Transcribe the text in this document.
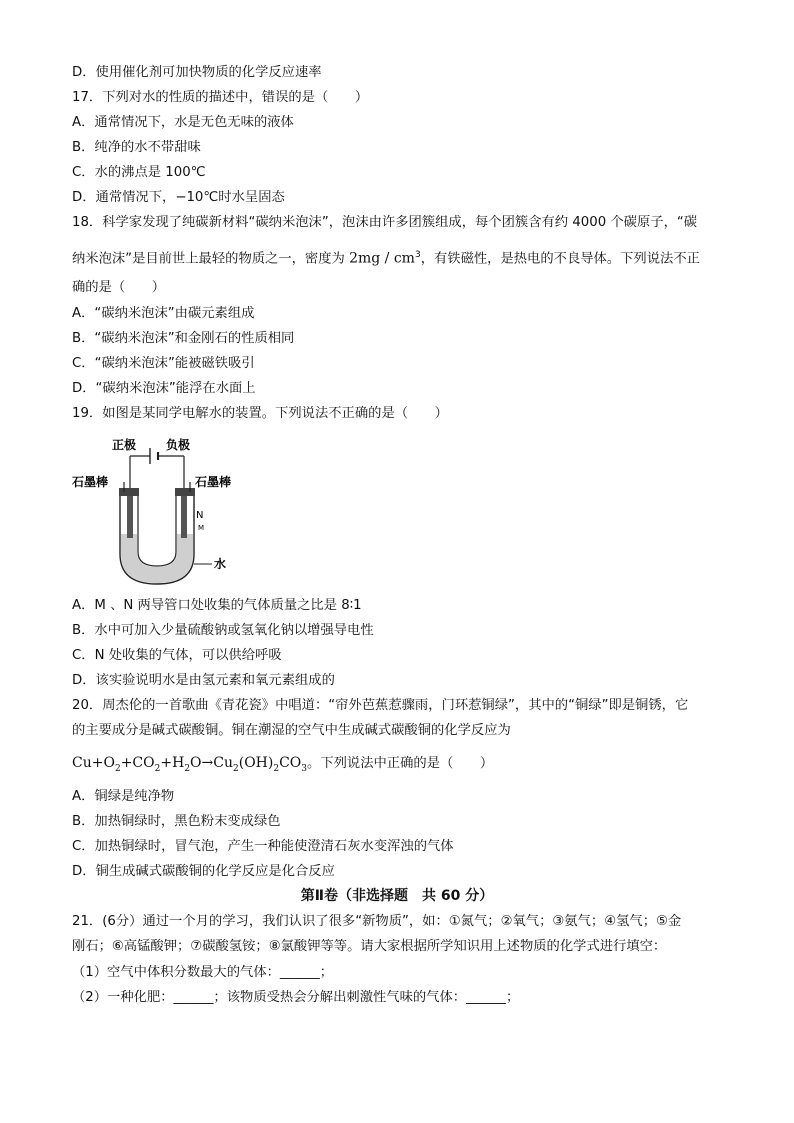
D．使用催化剂可加快物质的化学反应速率
17．下列对水的性质的描述中，错误的是（　　）
A．通常情况下，水是无色无味的液体
B．纯净的水不带甜味
C．水的沸点是 100℃
D．通常情况下，−10℃时水呈固态
18．科学家发现了纯碳新材料“碳纳米泡沫”，泡沫由许多团簇组成，每个团簇含有约 4000 个碳原子，“碳
纳米泡沫”是目前世上最轻的物质之一，密度为 $2mg / cm^3$，有铁磁性，是热电的不良导体。下列说法不正
确的是（　　）
A．“碳纳米泡沫”由碳元素组成
B．“碳纳米泡沫”和金刚石的性质相同
C．“碳纳米泡沫”能被磁铁吸引
D．“碳纳米泡沫”能浮在水面上
19．如图是某同学电解水的装置。下列说法不正确的是（　　）
正极 负极
石墨棒	石墨棒
N
M
水
A．M 、N 两导管口处收集的气体质量之比是 8∶1
B．水中可加入少量硫酸钠或氢氧化钠以增强导电性
C．N 处收集的气体，可以供给呼吸
D．该实验说明水是由氢元素和氧元素组成的
20．周杰伦的一首歌曲《青花瓷》中唱道：“帘外芭蕉惹骤雨，门环惹铜绿”，其中的“铜绿”即是铜锈，它
的主要成分是碱式碳酸铜。铜在潮湿的空气中生成碱式碳酸铜的化学反应为
$Cu+O_2+CO_2+H_2O\to Cu_2(OH)_2CO_3$。下列说法中正确的是（　　）
A．铜绿是纯净物
B．加热铜绿时，黑色粉末变成绿色
C．加热铜绿时，冒气泡，产生一种能使澄清石灰水变浑浊的气体
D．铜生成碱式碳酸铜的化学反应是化合反应
第Ⅱ卷（非选择题　共 60 分）
21．(6分）通过一个月的学习，我们认识了很多“新物质”，如：①氮气；②氧气；③氨气；④氢气；⑤金
刚石；⑥高锰酸钾；⑦碳酸氢铵；⑧氯酸钾等等。请大家根据所学知识用上述物质的化学式进行填空：
（1）空气中体积分数最大的气体：______；
（2）一种化肥：______；该物质受热会分解出刺激性气味的气体：______；
